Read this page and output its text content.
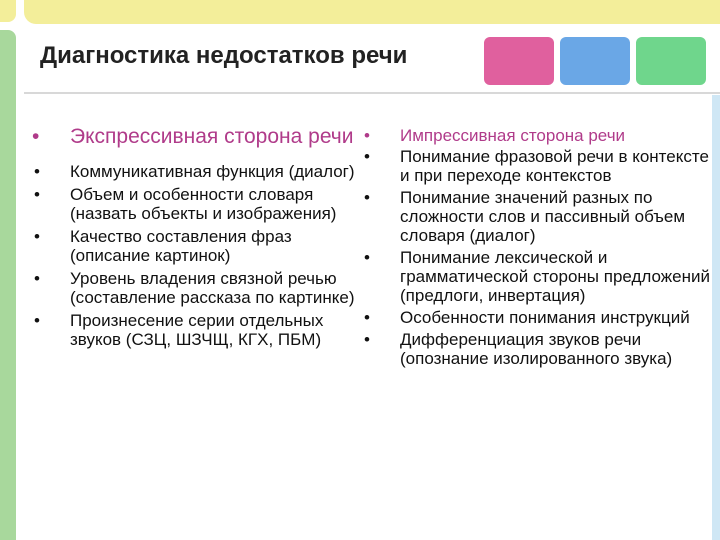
Диагностика недостатков речи
• Экспрессивная сторона речи
• Коммуникативная функция (диалог)
• Объем и особенности словаря (назвать объекты и изображения)
• Качество составления фраз (описание картинок)
• Уровень владения связной речью (составление рассказа по картинке)
• Произнесение серии отдельных звуков (СЗЦ, ШЗЧЩ, КГХ, ПБМ)
• Импрессивная сторона речи
• Понимание фразовой речи в контексте и при переходе контекстов
• Понимание значений разных по сложности слов и пассивный объем словаря (диалог)
• Понимание лексической и грамматической стороны предложений (предлоги, инвертация)
• Особенности понимания инструкций
• Дифференциация звуков речи (опознание изолированного звука)
